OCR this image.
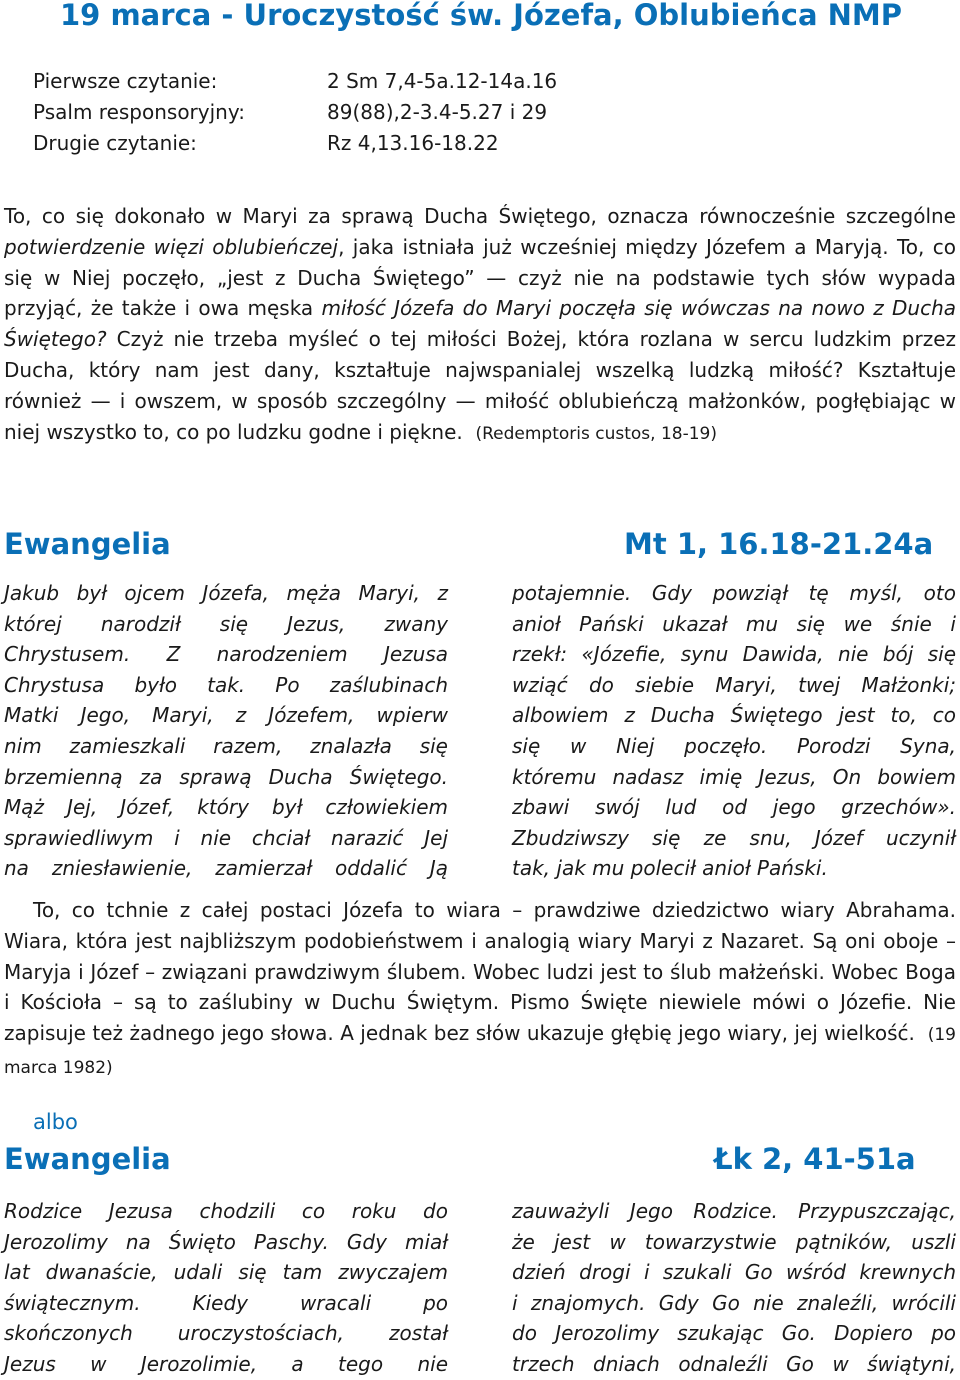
19 marca - Uroczystość św. Józefa, Oblubieńca NMP
Pierwsze czytanie:	2 Sm 7,4-5a.12-14a.16
Psalm responsoryjny:	89(88),2-3.4-5.27 i 29
Drugie czytanie:	Rz 4,13.16-18.22

To, co się dokonało w Maryi za sprawą Ducha Świętego, oznacza równocześnie szczególne potwierdzenie więzi oblubieńczej, jaka istniała już wcześniej między Józefem a Maryją. To, co się w Niej poczęło, „jest z Ducha Świętego” — czyż nie na podstawie tych słów wypada przyjąć, że także i owa męska miłość Józefa do Maryi poczęła się wówczas na nowo z Ducha Świętego? Czyż nie trzeba myśleć o tej miłości Bożej, która rozlana w sercu ludzkim przez Ducha, który nam jest dany, kształtuje najwspanialej wszelką ludzką miłość? Kształtuje również — i owszem, w sposób szczególny — miłość oblubieńczą małżonków, pogłębiając w niej wszystko to, co po ludzku godne i piękne. (Redemptoris custos, 18-19)

Ewangelia	Mt 1, 16.18-21.24a
Jakub był ojcem Józefa, męża Maryi, z
której narodził się Jezus, zwany
Chrystusem. Z narodzeniem Jezusa
Chrystusa było tak. Po zaślubinach
Matki Jego, Maryi, z Józefem, wpierw
nim zamieszkali razem, znalazła się
brzemienną za sprawą Ducha Świętego.
Mąż Jej, Józef, który był człowiekiem
sprawiedliwym i nie chciał narazić Jej
na zniesławienie, zamierzał oddalić Ją
potajemnie. Gdy powziął tę myśl, oto
anioł Pański ukazał mu się we śnie i
rzekł: «Józefie, synu Dawida, nie bój się
wziąć do siebie Maryi, twej Małżonki;
albowiem z Ducha Świętego jest to, co
się w Niej poczęło. Porodzi Syna,
któremu nadasz imię Jezus, On bowiem
zbawi swój lud od jego grzechów».
Zbudziwszy się ze snu, Józef uczynił
tak, jak mu polecił anioł Pański.

To, co tchnie z całej postaci Józefa to wiara – prawdziwe dziedzictwo wiary Abrahama. Wiara, która jest najbliższym podobieństwem i analogią wiary Maryi z Nazaret. Są oni oboje – Maryja i Józef – związani prawdziwym ślubem. Wobec ludzi jest to ślub małżeński. Wobec Boga i Kościoła – są to zaślubiny w Duchu Świętym. Pismo Święte niewiele mówi o Józefie. Nie zapisuje też żadnego jego słowa. A jednak bez słów ukazuje głębię jego wiary, jej wielkość. (19 marca 1982)

albo
Ewangelia	Łk 2, 41-51a
Rodzice Jezusa chodzili co roku do
Jerozolimy na Święto Paschy. Gdy miał
lat dwanaście, udali się tam zwyczajem
świątecznym. Kiedy wracali po
skończonych uroczystościach, został
Jezus w Jerozolimie, a tego nie
zauważyli Jego Rodzice. Przypuszczając,
że jest w towarzystwie pątników, uszli
dzień drogi i szukali Go wśród krewnych
i znajomych. Gdy Go nie znaleźli, wrócili
do Jerozolimy szukając Go. Dopiero po
trzech dniach odnaleźli Go w świątyni,
